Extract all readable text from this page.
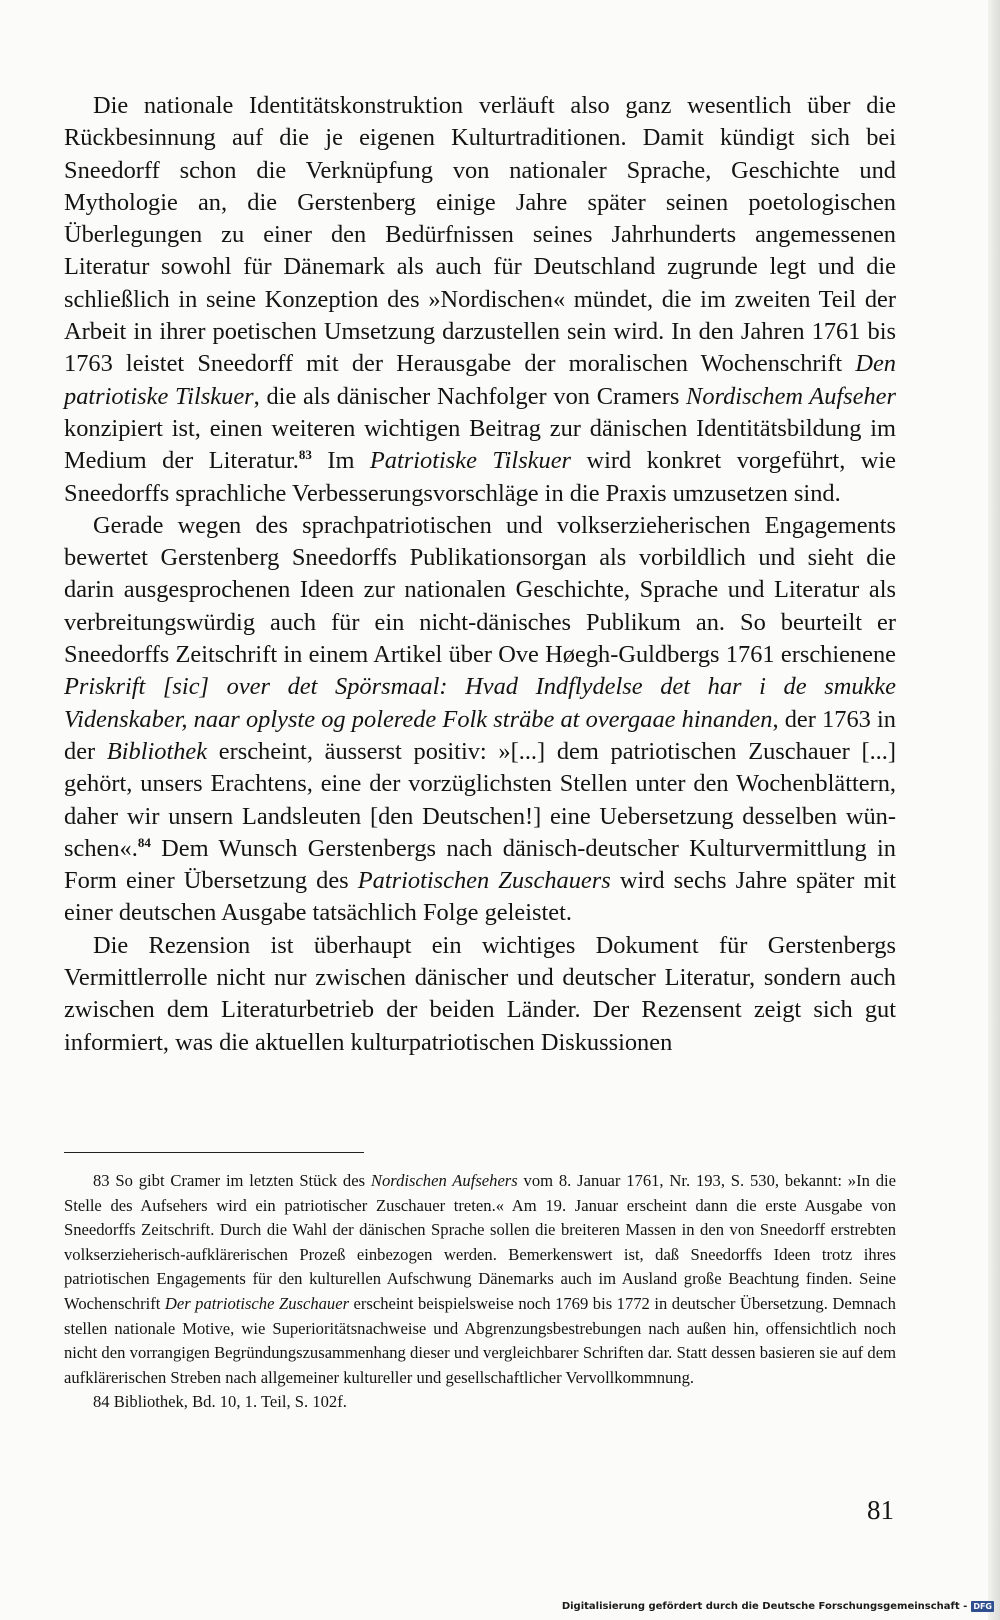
Die nationale Identitätskonstruktion verläuft also ganz wesentlich über die Rückbesinnung auf die je eigenen Kulturtraditionen. Damit kündigt sich bei Sneedorff schon die Verknüpfung von nationaler Sprache, Geschichte und Mythologie an, die Gerstenberg einige Jahre später seinen poetologischen Überlegungen zu einer den Bedürfnissen seines Jahrhunderts angemessenen Literatur sowohl für Dänemark als auch für Deutschland zugrunde legt und die schließlich in seine Konzeption des »Nordischen« mündet, die im zweiten Teil der Arbeit in ihrer poetischen Umsetzung darzustellen sein wird. In den Jahren 1761 bis 1763 leistet Sneedorff mit der Herausgabe der moralischen Wochenschrift Den patriotiske Tilskuer, die als dänischer Nachfolger von Cramers Nordischem Aufseher konzipiert ist, einen weiteren wichtigen Beitrag zur dänischen Identitätsbildung im Medium der Literatur.$^{83}$ Im Patriotiske Tilskuer wird konkret vorgeführt, wie Sneedorffs sprachliche Verbesserungsvorschläge in die Praxis umzusetzen sind.

Gerade wegen des sprachpatriotischen und volkserzieherischen Engagements bewertet Gerstenberg Sneedorffs Publikationsorgan als vorbildlich und sieht die darin ausgesprochenen Ideen zur nationalen Geschichte, Sprache und Literatur als verbreitungswürdig auch für ein nicht-dänisches Publikum an. So beurteilt er Sneedorffs Zeitschrift in einem Artikel über Ove Høegh-Guldbergs 1761 erschienene Priskrift [sic] over det Spörsmaal: Hvad Indflydelse det har i de smukke Videnskaber, naar oplyste og polerede Folk sträbe at overgaae hinanden, der 1763 in der Bibliothek erscheint, äusserst positiv: »[...] dem patriotischen Zuschauer [...] gehört, unsers Erachtens, eine der vorzüglichsten Stellen unter den Wochenblättern, daher wir unsern Landsleuten [den Deutschen!] eine Uebersetzung desselben wünschen«.$^{84}$ Dem Wunsch Gerstenbergs nach dänisch-deutscher Kulturvermittlung in Form einer Übersetzung des Patriotischen Zuschauers wird sechs Jahre später mit einer deutschen Ausgabe tatsächlich Folge geleistet.

Die Rezension ist überhaupt ein wichtiges Dokument für Gerstenbergs Vermittlerrolle nicht nur zwischen dänischer und deutscher Literatur, sondern auch zwischen dem Literaturbetrieb der beiden Länder. Der Rezensent zeigt sich gut informiert, was die aktuellen kulturpatriotischen Diskussionen

83 So gibt Cramer im letzten Stück des Nordischen Aufsehers vom 8. Januar 1761, Nr. 193, S. 530, bekannt: »In die Stelle des Aufsehers wird ein patriotischer Zuschauer treten.« Am 19. Januar erscheint dann die erste Ausgabe von Sneedorffs Zeitschrift. Durch die Wahl der dänischen Sprache sollen die breiteren Massen in den von Sneedorff erstrebten volkserzieherisch-aufklärerischen Prozeß einbezogen werden. Bemerkenswert ist, daß Sneedorffs Ideen trotz ihres patriotischen Engagements für den kulturellen Aufschwung Dänemarks auch im Ausland große Beachtung finden. Seine Wochenschrift Der patriotische Zuschauer erscheint beispielsweise noch 1769 bis 1772 in deutscher Übersetzung. Demnach stellen nationale Motive, wie Superioritätsnachweise und Abgrenzungsbestrebungen nach außen hin, offensichtlich noch nicht den vorrangigen Begründungszusammenhang dieser und vergleichbarer Schriften dar. Statt dessen basieren sie auf dem aufklärerischen Streben nach allgemeiner kultureller und gesellschaftlicher Vervollkommnung.

84 Bibliothek, Bd. 10, 1. Teil, S. 102f.

81
Digitalisierung gefördert durch die Deutsche Forschungsgemeinschaft - DFG
